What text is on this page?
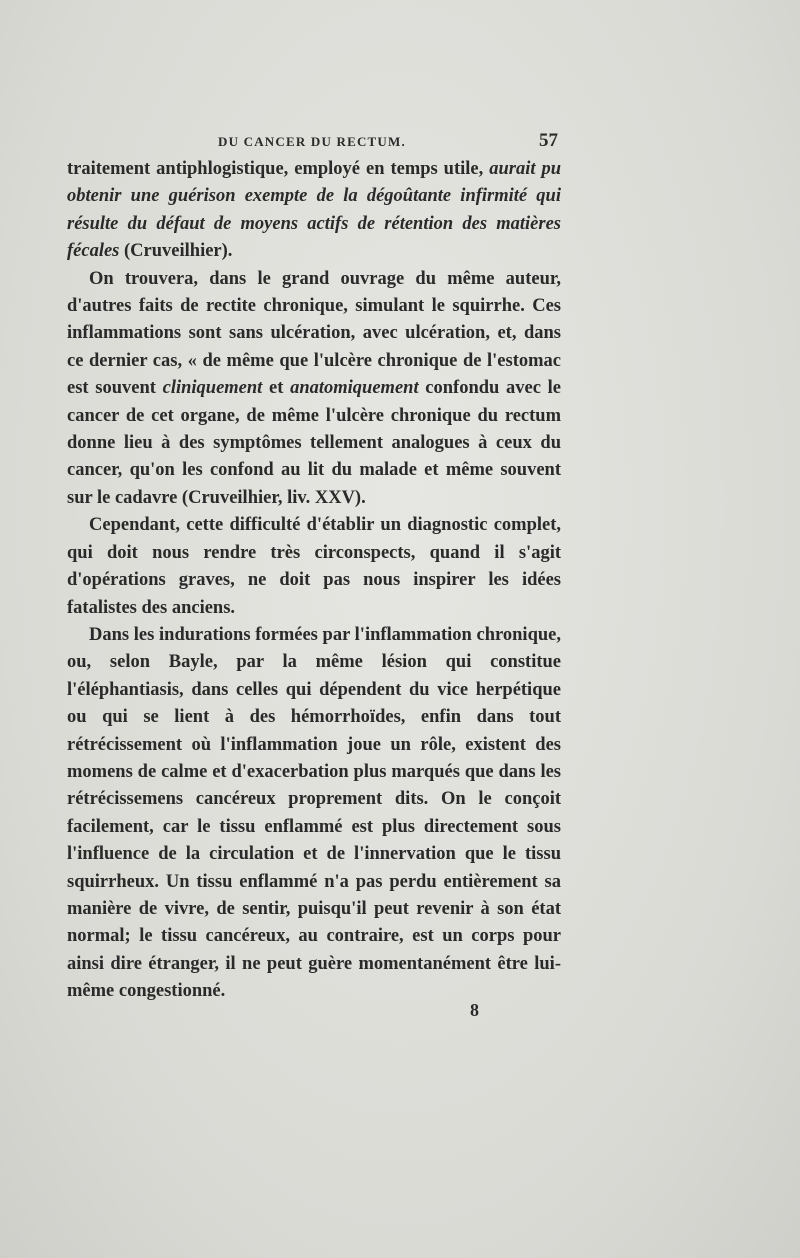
DU CANCER DU RECTUM.	57

traitement antiphlogistique, employé en temps utile, aurait pu obtenir une guérison exempte de la dégoûtante infirmité qui résulte du défaut de moyens actifs de rétention des matières fécales (Cruveilhier).

On trouvera, dans le grand ouvrage du même auteur, d'autres faits de rectite chronique, simulant le squirrhe. Ces inflammations sont sans ulcération, avec ulcération, et, dans ce dernier cas, « de même que l'ulcère chronique de l'estomac est souvent cliniquement et anatomiquement confondu avec le cancer de cet organe, de même l'ulcère chronique du rectum donne lieu à des symptômes tellement analogues à ceux du cancer, qu'on les confond au lit du malade et même souvent sur le cadavre (Cruveilhier, liv. XXV).

Cependant, cette difficulté d'établir un diagnostic complet, qui doit nous rendre très circonspects, quand il s'agit d'opérations graves, ne doit pas nous inspirer les idées fatalistes des anciens.

Dans les indurations formées par l'inflammation chronique, ou, selon Bayle, par la même lésion qui constitue l'éléphantiasis, dans celles qui dépendent du vice herpétique ou qui se lient à des hémorrhoïdes, enfin dans tout rétrécissement où l'inflammation joue un rôle, existent des momens de calme et d'exacerbation plus marqués que dans les rétrécissemens cancéreux proprement dits. On le conçoit facilement, car le tissu enflammé est plus directement sous l'influence de la circulation et de l'innervation que le tissu squirrheux. Un tissu enflammé n'a pas perdu entièrement sa manière de vivre, de sentir, puisqu'il peut revenir à son état normal; le tissu cancéreux, au contraire, est un corps pour ainsi dire étranger, il ne peut guère momentanément être lui-même congestionné.

8
